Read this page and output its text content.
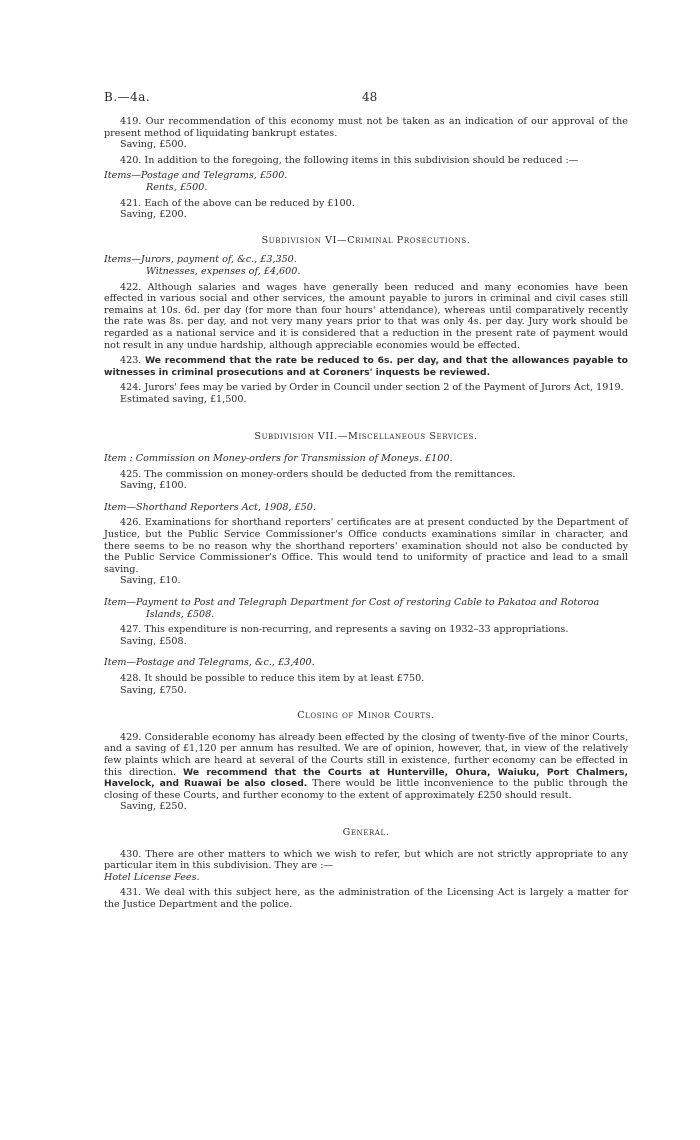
B.—4a.	48

419. Our recommendation of this economy must not be taken as an indication of our approval of the present method of liquidating bankrupt estates.

Saving, £500.

420. In addition to the foregoing, the following items in this subdivision should be reduced :—

Items—Postage and Telegrams, £500.

Rents, £500.

421. Each of the above can be reduced by £100.

Saving, £200.

Subdivision VI—Criminal Prosecutions.

Items—Jurors, payment of, &c., £3,350.

Witnesses, expenses of, £4,600.

422. Although salaries and wages have generally been reduced and many economies have been effected in various social and other services, the amount payable to jurors in criminal and civil cases still remains at 10s. 6d. per day (for more than four hours' attendance), whereas until comparatively recently the rate was 8s. per day, and not very many years prior to that was only 4s. per day. Jury work should be regarded as a national service and it is considered that a reduction in the present rate of payment would not result in any undue hardship, although appreciable economies would be effected.

423. We recommend that the rate be reduced to 6s. per day, and that the allowances payable to witnesses in criminal prosecutions and at Coroners' inquests be reviewed.

424. Jurors' fees may be varied by Order in Council under section 2 of the Payment of Jurors Act, 1919.

Estimated saving, £1,500.

Subdivision VII.—Miscellaneous Services.

Item : Commission on Money-orders for Transmission of Moneys. £100.

425. The commission on money-orders should be deducted from the remittances.

Saving, £100.

Item—Shorthand Reporters Act, 1908, £50.

426. Examinations for shorthand reporters' certificates are at present conducted by the Department of Justice, but the Public Service Commissioner's Office conducts examinations similar in character, and there seems to be no reason why the shorthand reporters' examination should not also be conducted by the Public Service Commissioner's Office. This would tend to uniformity of practice and lead to a small saving.

Saving, £10.

Item—Payment to Post and Telegraph Department for Cost of restoring Cable to Pakatoa and Rotoroa

Islands, £508.

427. This expenditure is non-recurring, and represents a saving on 1932–33 appropriations.

Saving, £508.

Item—Postage and Telegrams, &c., £3,400.

428. It should be possible to reduce this item by at least £750.

Saving, £750.

Closing of Minor Courts.

429. Considerable economy has already been effected by the closing of twenty-five of the minor Courts, and a saving of £1,120 per annum has resulted. We are of opinion, however, that, in view of the relatively few plaints which are heard at several of the Courts still in existence, further economy can be effected in this direction. We recommend that the Courts at Hunterville, Ohura, Waiuku, Port Chalmers, Havelock, and Ruawai be also closed. There would be little inconvenience to the public through the closing of these Courts, and further economy to the extent of approximately £250 should result.

Saving, £250.

General.

430. There are other matters to which we wish to refer, but which are not strictly appropriate to any particular item in this subdivision. They are :—

Hotel License Fees.

431. We deal with this subject here, as the administration of the Licensing Act is largely a matter for the Justice Department and the police.
